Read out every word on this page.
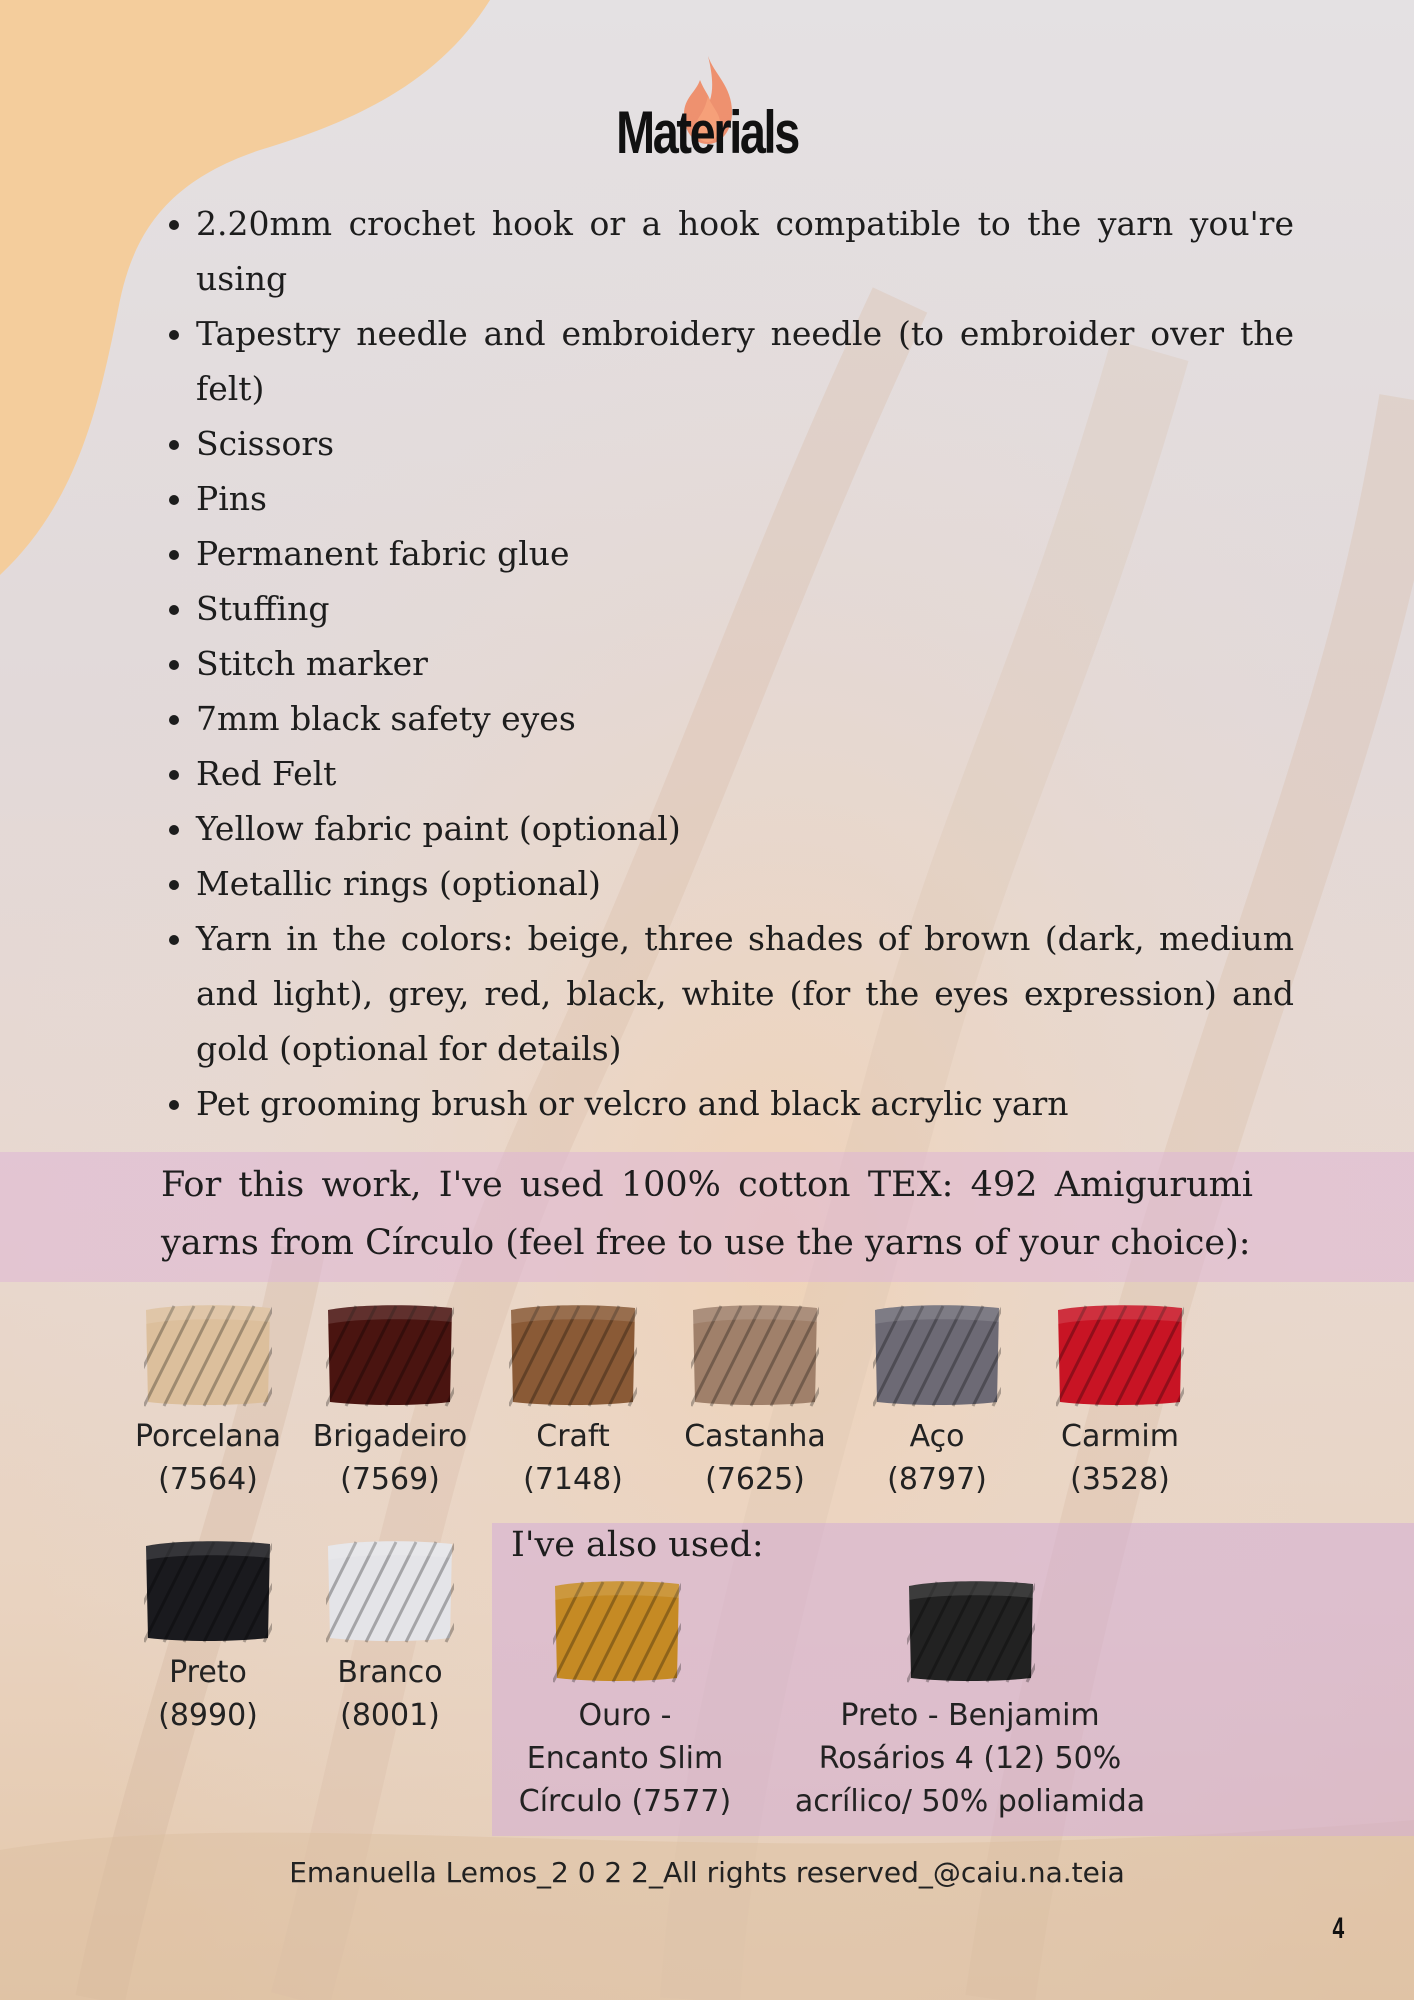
Materials
• 2.20mm crochet hook or a hook compatible to the yarn you're using
• Tapestry needle and embroidery needle (to embroider over the felt)
• Scissors
• Pins
• Permanent fabric glue
• Stuffing
• Stitch marker
• 7mm black safety eyes
• Red Felt
• Yellow fabric paint (optional)
• Metallic rings (optional)
• Yarn in the colors: beige, three shades of brown (dark, medium and light), grey, red, black, white (for the eyes expression) and gold (optional for details)
• Pet grooming brush or velcro and black acrylic yarn
For this work, I've used 100% cotton TEX: 492 Amigurumi yarns from Círculo (feel free to use the yarns of your choice):
Porcelana
(7564)
Brigadeiro
(7569)
Craft
(7148)
Castanha
(7625)
Aço
(8797)
Carmim
(3528)
Preto
(8990)
Branco
(8001)
I've also used:
Ouro -
Encanto Slim
Círculo (7577)
Preto - Benjamim
Rosários 4 (12) 50%
acrílico/ 50% poliamida
Emanuella Lemos_2 0 2 2_All rights reserved_@caiu.na.teia
4
